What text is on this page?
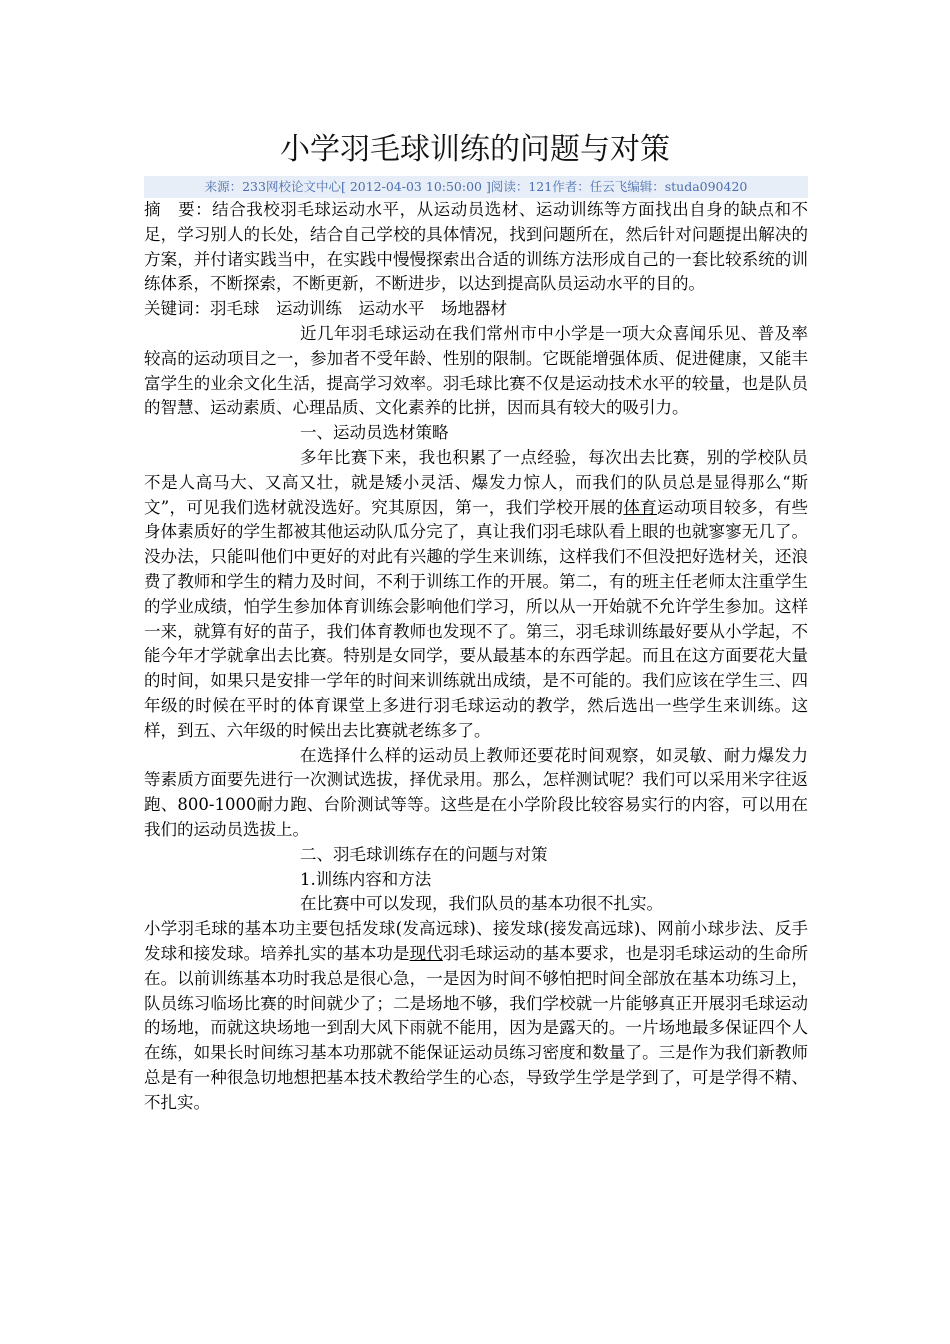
小学羽毛球训练的问题与对策
来源：233网校论文中心[ 2012-04-03 10:50:00 ]阅读：121作者：任云飞编辑：studa090420

摘　要：结合我校羽毛球运动水平，从运动员选材、运动训练等方面找出自身的缺点和不足，学习别人的长处，结合自己学校的具体情况，找到问题所在，然后针对问题提出解决的方案，并付诸实践当中，在实践中慢慢探索出合适的训练方法形成自己的一套比较系统的训练体系，不断探索，不断更新，不断进步，以达到提高队员运动水平的目的。

关键词：羽毛球　运动训练　运动水平　场地器材

近几年羽毛球运动在我们常州市中小学是一项大众喜闻乐见、普及率较高的运动项目之一，参加者不受年龄、性别的限制。它既能增强体质、促进健康，又能丰富学生的业余文化生活，提高学习效率。羽毛球比赛不仅是运动技术水平的较量，也是队员的智慧、运动素质、心理品质、文化素养的比拼，因而具有较大的吸引力。

一、运动员选材策略

多年比赛下来，我也积累了一点经验，每次出去比赛，别的学校队员不是人高马大、又高又壮，就是矮小灵活、爆发力惊人，而我们的队员总是显得那么“斯文”，可见我们选材就没选好。究其原因，第一，我们学校开展的体育运动项目较多，有些身体素质好的学生都被其他运动队瓜分完了，真让我们羽毛球队看上眼的也就寥寥无几了。没办法，只能叫他们中更好的对此有兴趣的学生来训练，这样我们不但没把好选材关，还浪费了教师和学生的精力及时间，不利于训练工作的开展。第二，有的班主任老师太注重学生的学业成绩，怕学生参加体育训练会影响他们学习，所以从一开始就不允许学生参加。这样一来，就算有好的苗子，我们体育教师也发现不了。第三，羽毛球训练最好要从小学起，不能今年才学就拿出去比赛。特别是女同学，要从最基本的东西学起。而且在这方面要花大量的时间，如果只是安排一学年的时间来训练就出成绩，是不可能的。我们应该在学生三、四年级的时候在平时的体育课堂上多进行羽毛球运动的教学，然后选出一些学生来训练。这样，到五、六年级的时候出去比赛就老练多了。

在选择什么样的运动员上教师还要花时间观察，如灵敏、耐力爆发力等素质方面要先进行一次测试选拔，择优录用。那么，怎样测试呢？我们可以采用米字往返跑、800-1000耐力跑、台阶测试等等。这些是在小学阶段比较容易实行的内容，可以用在我们的运动员选拔上。

二、羽毛球训练存在的问题与对策

1.训练内容和方法

在比赛中可以发现，我们队员的基本功很不扎实。

小学羽毛球的基本功主要包括发球(发高远球)、接发球(接发高远球)、网前小球步法、反手发球和接发球。培养扎实的基本功是现代羽毛球运动的基本要求，也是羽毛球运动的生命所在。以前训练基本功时我总是很心急，一是因为时间不够怕把时间全部放在基本功练习上，队员练习临场比赛的时间就少了；二是场地不够，我们学校就一片能够真正开展羽毛球运动的场地，而就这块场地一到刮大风下雨就不能用，因为是露天的。一片场地最多保证四个人在练，如果长时间练习基本功那就不能保证运动员练习密度和数量了。三是作为我们新教师总是有一种很急切地想把基本技术教给学生的心态，导致学生学是学到了，可是学得不精、不扎实。
